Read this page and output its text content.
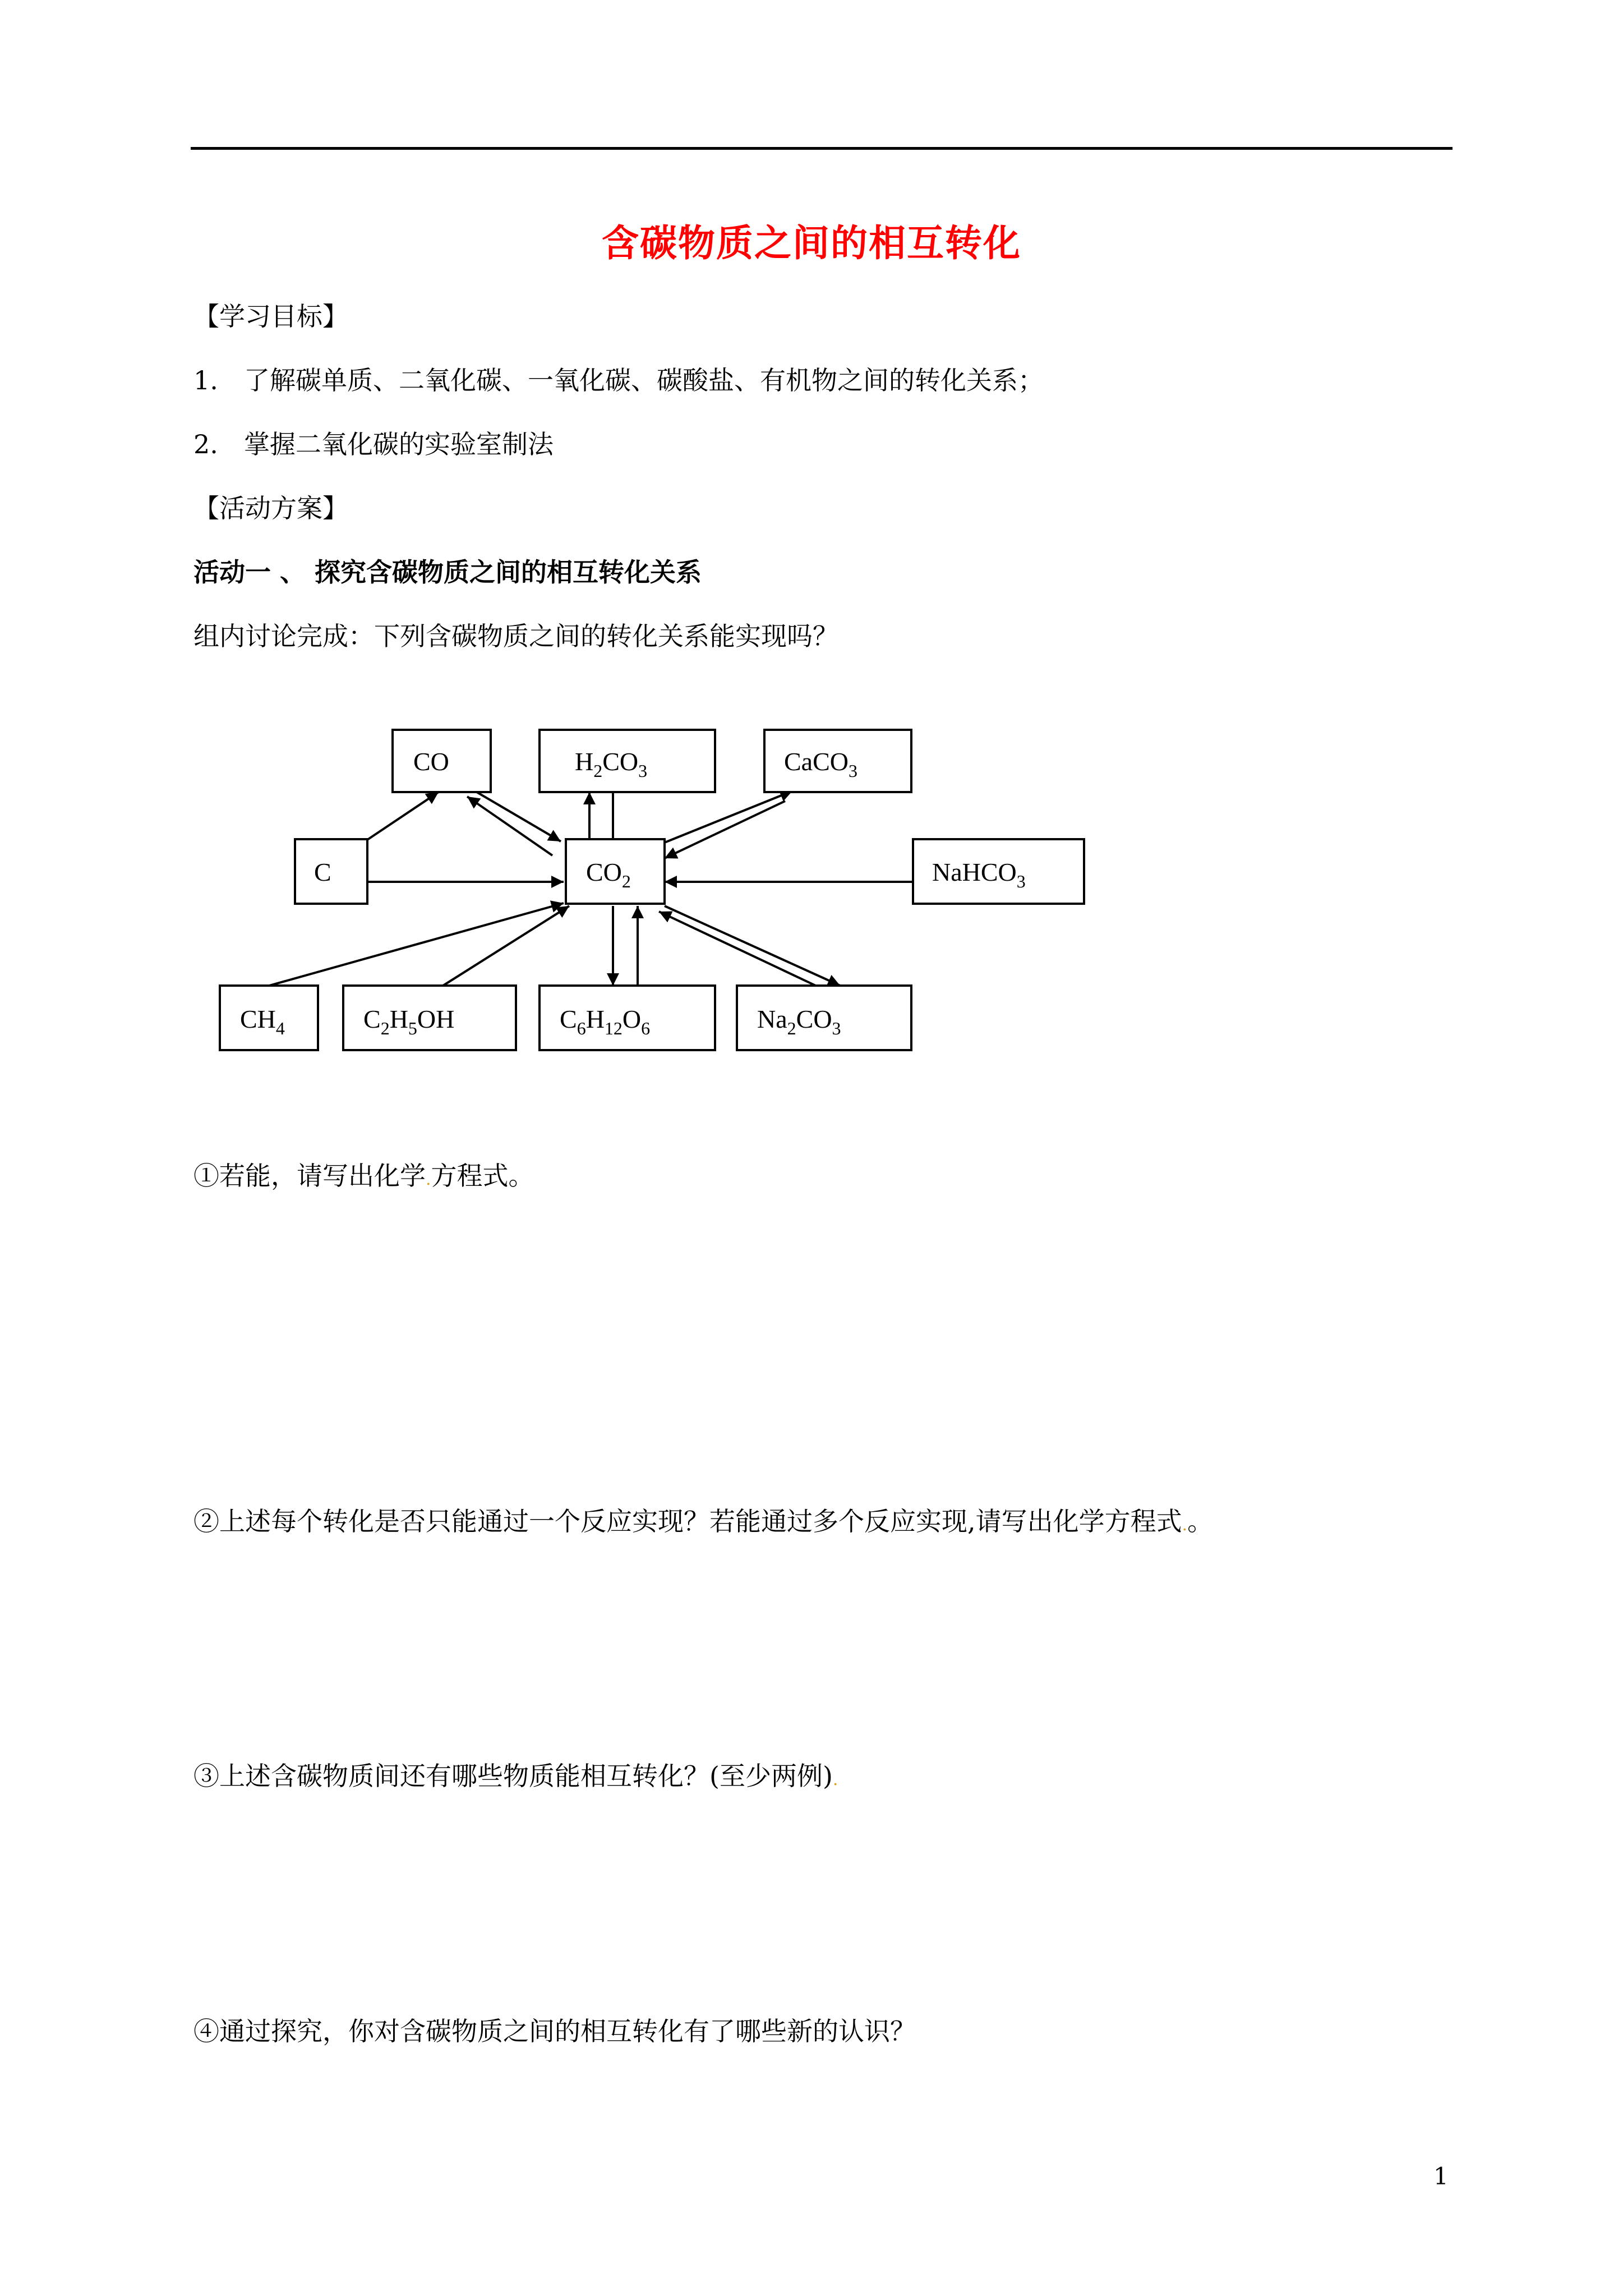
含碳物质之间的相互转化
【学习目标】
1. 了解碳单质、二氧化碳、一氧化碳、碳酸盐、有机物之间的转化关系；
2. 掌握二氧化碳的实验室制法
【活动方案】
活动一 、 探究含碳物质之间的相互转化关系
组内讨论完成：下列含碳物质之间的转化关系能实现吗？
CO	$H_2CO_3$	CaCO$_3$
C	$CO_2$	NaHCO$_3$
$CH_4$	$C_2H_5OH$	$C_6H_{12}O_6$	$Na_2CO_3$
①若能，请写出化学.方程式。
②上述每个转化是否只能通过一个反应实现？若能通过多个反应实现,请写出化学方程式.。
③上述含碳物质间还有哪些物质能相互转化？(至少两例).
④通过探究，你对含碳物质之间的相互转化有了哪些新的认识？
1
